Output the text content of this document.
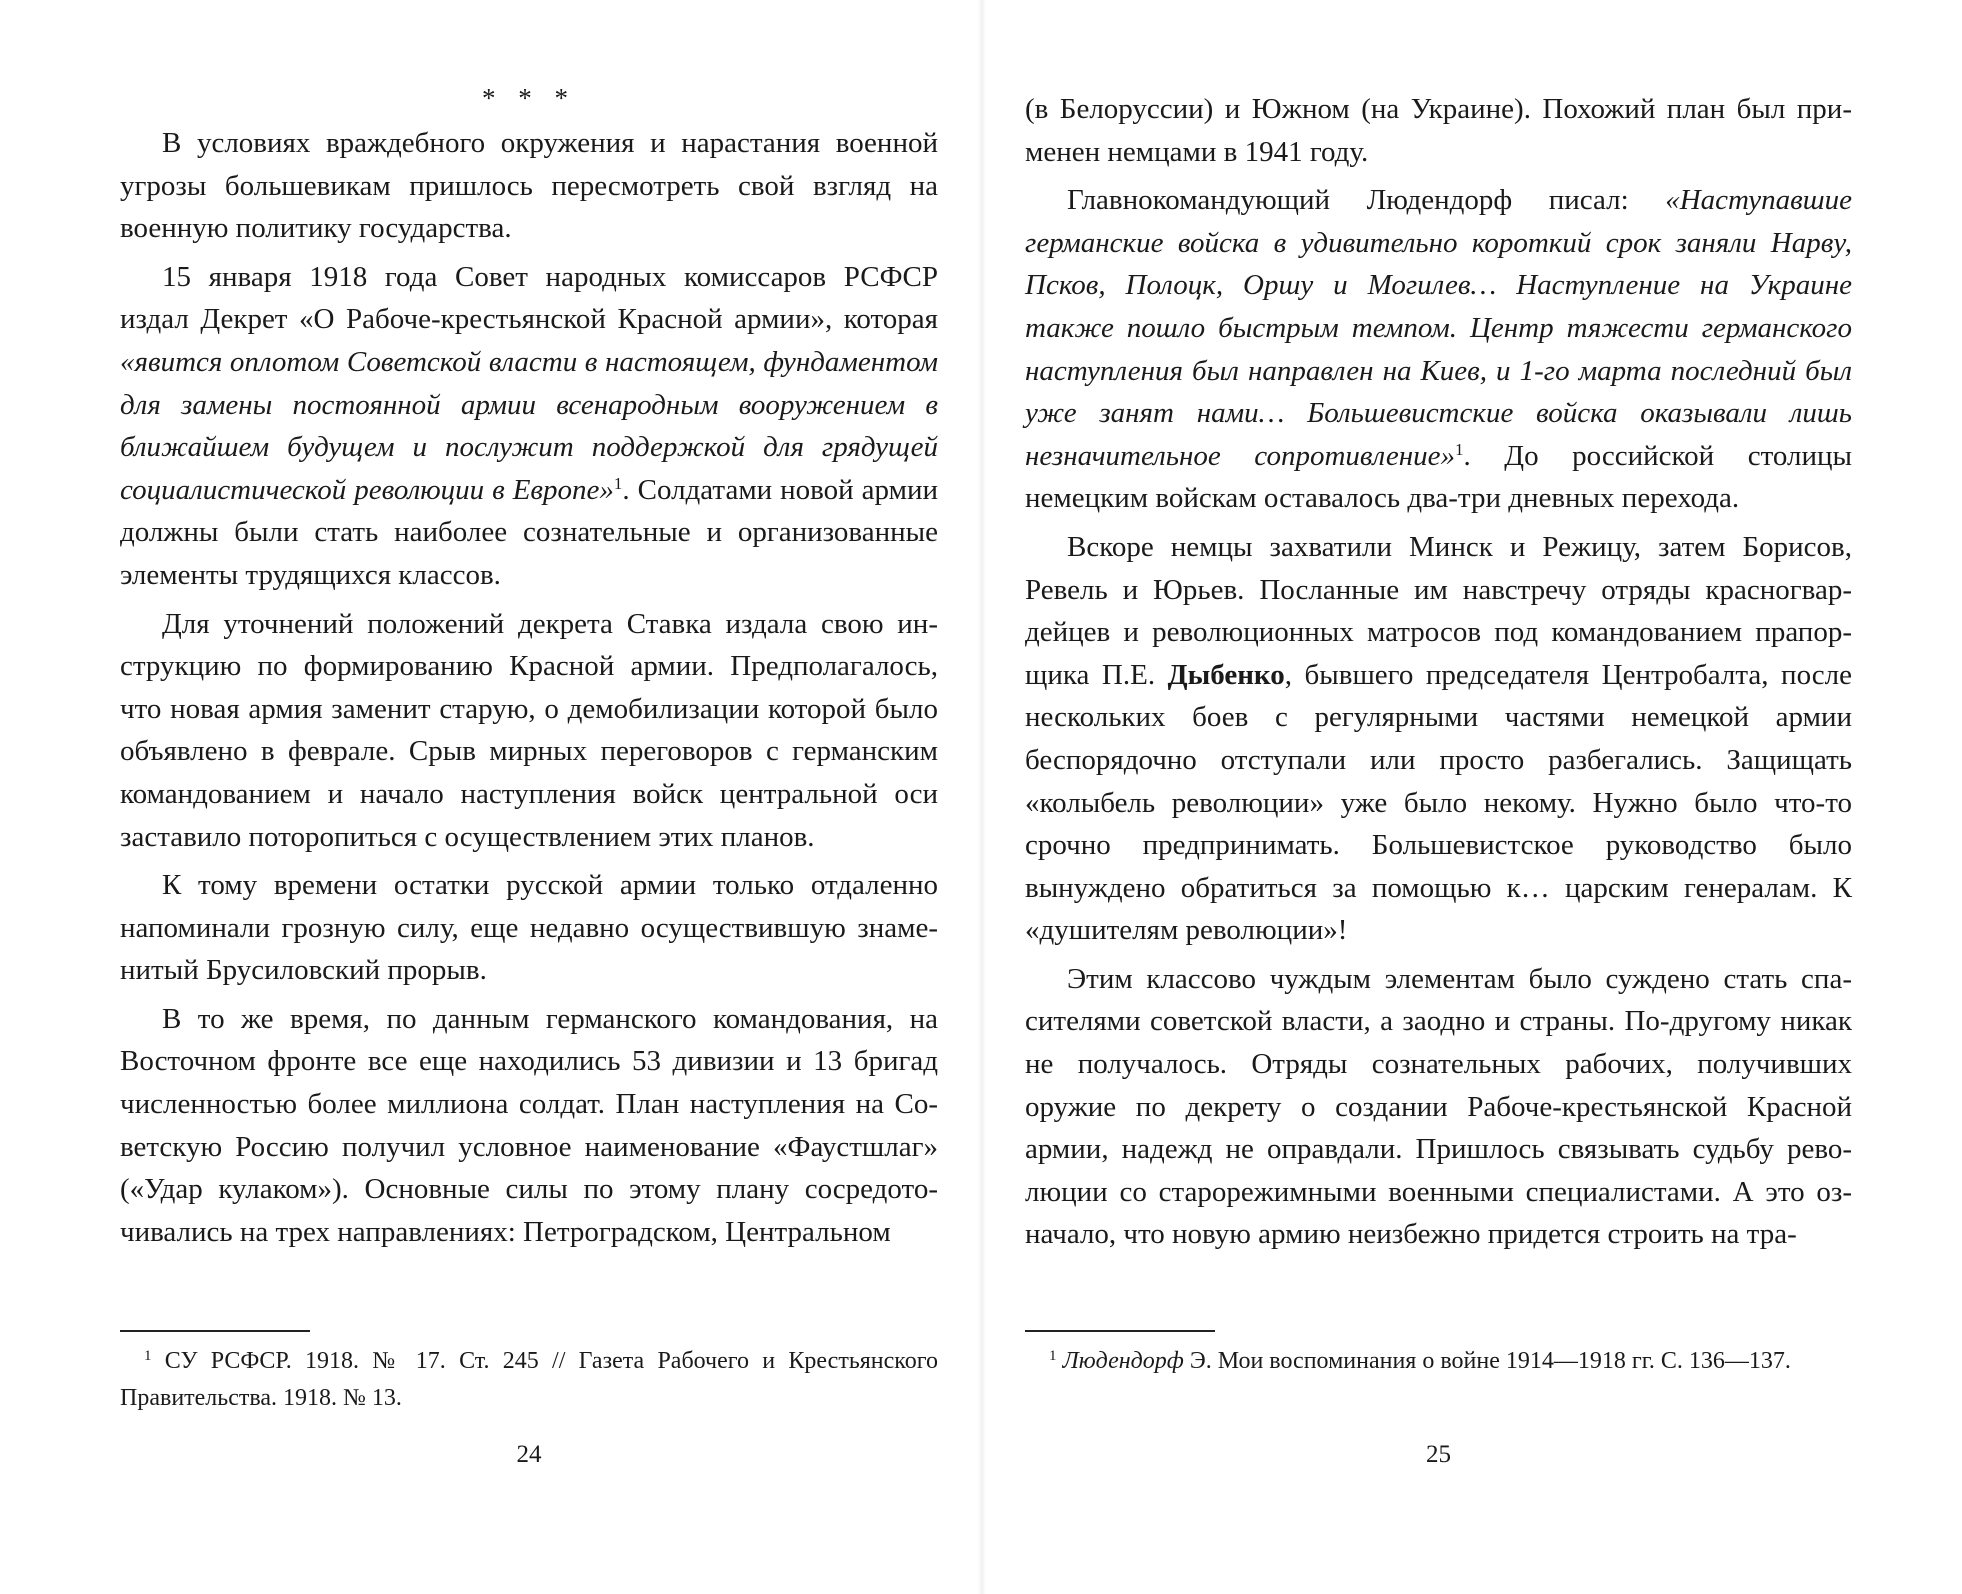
* * *

В условиях враждебного окружения и нарастания военной угрозы большевикам пришлось пересмотреть свой взгляд на военную политику государства.

15 января 1918 года Совет народных комиссаров РСФСР издал Декрет «О Рабоче-крестьянской Красной армии», которая «явится оплотом Советской власти в настоящем, фундаментом для замены постоянной армии всенародным вооружением в ближайшем будущем и послужит поддержкой для грядущей социалистической революции в Европе»$^1$. Солдатами новой армии должны были стать наиболее сознательные и организованные элементы трудящихся классов.

Для уточнений положений декрета Ставка издала свою инструкцию по формированию Красной армии. Предполагалось, что новая армия заменит старую, о демобилизации которой было объявлено в феврале. Срыв мирных переговоров с германским командованием и начало наступления войск центральной оси заставило поторопиться с осуществлением этих планов.

К тому времени остатки русской армии только отдаленно напоминали грозную силу, еще недавно осуществившую знаменитый Брусиловский прорыв.

В то же время, по данным германского командования, на Восточном фронте все еще находились 53 дивизии и 13 бригад численностью более миллиона солдат. План наступления на Советскую Россию получил условное наименование «Фаустшлаг» («Удар кулаком»). Основные силы по этому плану сосредоточивались на трех направлениях: Петроградском, Центральном

$^1$ СУ РСФСР. 1918. № 17. Ст. 245 // Газета Рабочего и Крестьянского Правительства. 1918. № 13.
24

(в Белоруссии) и Южном (на Украине). Похожий план был применен немцами в 1941 году.

Главнокомандующий Людендорф писал: «Наступавшие германские войска в удивительно короткий срок заняли Нарву, Псков, Полоцк, Оршу и Могилев… Наступление на Украине также пошло быстрым темпом. Центр тяжести германского наступления был направлен на Киев, и 1-го марта последний был уже занят нами… Большевистские войска оказывали лишь незначительное сопротивление»$^1$. До российской столицы немецким войскам оставалось два-три дневных перехода.

Вскоре немцы захватили Минск и Режицу, затем Борисов, Ревель и Юрьев. Посланные им навстречу отряды красногвардейцев и революционных матросов под командованием прапорщика П.Е. Дыбенко, бывшего председателя Центробалта, после нескольких боев с регулярными частями немецкой армии беспорядочно отступали или просто разбегались. Защищать «колыбель революции» уже было некому. Нужно было что-то срочно предпринимать. Большевистское руководство было вынуждено обратиться за помощью к… царским генералам. К «душителям революции»!

Этим классово чуждым элементам было суждено стать спасителями советской власти, а заодно и страны. По-другому никак не получалось. Отряды сознательных рабочих, получивших оружие по декрету о создании Рабоче-крестьянской Красной армии, надежд не оправдали. Пришлось связывать судьбу революции со старорежимными военными специалистами. А это означало, что новую армию неизбежно придется строить на тра-

$^1$ Людендорф Э. Мои воспоминания о войне 1914—1918 гг. С. 136—137.
25
